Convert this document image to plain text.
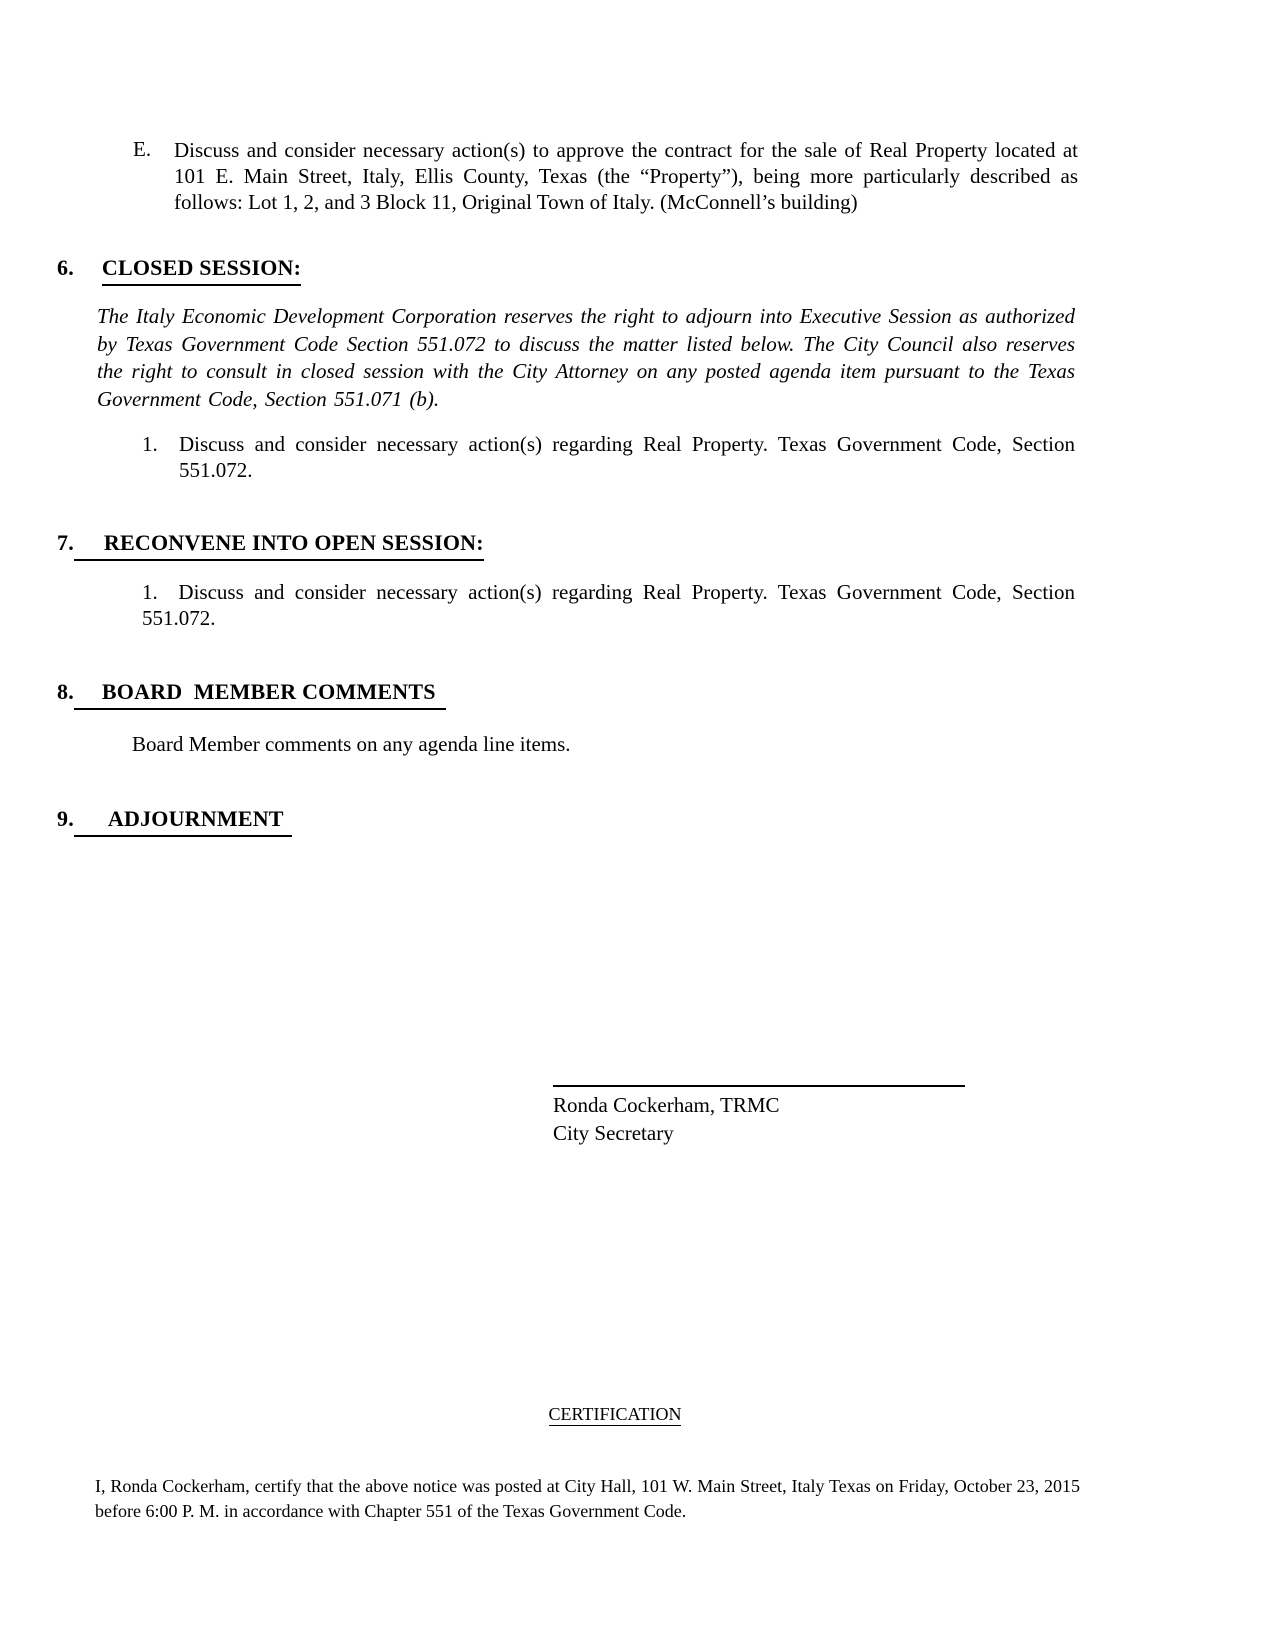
E.	Discuss and consider necessary action(s) to approve the contract for the sale of Real Property located at 101 E. Main Street, Italy, Ellis County, Texas (the “Property”), being more particularly described as follows: Lot 1, 2, and 3 Block 11, Original Town of Italy. (McConnell’s building)
6. CLOSED SESSION:
The Italy Economic Development Corporation reserves the right to adjourn into Executive Session as authorized by Texas Government Code Section 551.072 to discuss the matter listed below. The City Council also reserves the right to consult in closed session with the City Attorney on any posted agenda item pursuant to the Texas Government Code, Section 551.071 (b).
1.	Discuss and consider necessary action(s) regarding Real Property. Texas Government Code, Section 551.072.
7.	RECONVENE INTO OPEN SESSION:
1. Discuss and consider necessary action(s) regarding Real Property. Texas Government Code, Section 551.072.
8.	BOARD  MEMBER COMMENTS
Board Member comments on any agenda line items.
9.	ADJOURNMENT
Ronda Cockerham, TRMC
City Secretary
CERTIFICATION
I, Ronda Cockerham, certify that the above notice was posted at City Hall, 101 W. Main Street, Italy Texas on Friday, October 23, 2015 before 6:00 P. M. in accordance with Chapter 551 of the Texas Government Code.
